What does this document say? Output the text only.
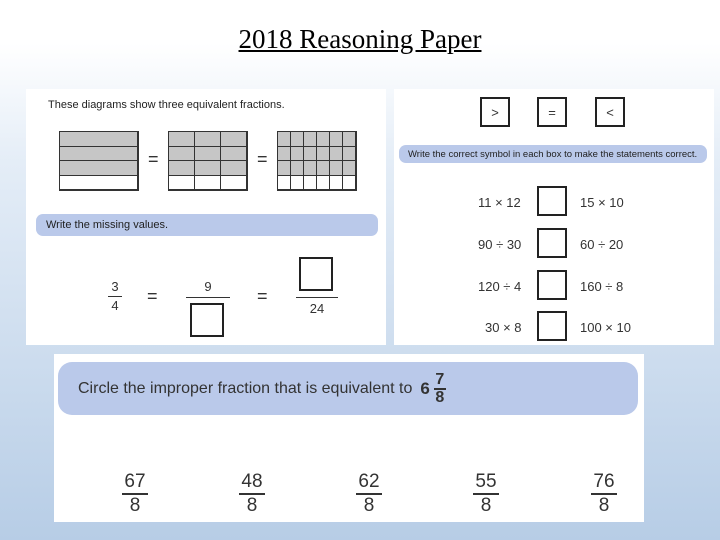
2018 Reasoning Paper
These diagrams show three equivalent fractions.
=	=
Write the missing values.
3
4	=	9	=
24
>	=	<
Write the correct symbol in each box to make the statements correct.
11 × 12	15 × 10
90 ÷ 30	60 ÷ 20
120 ÷ 4	160 ÷ 8
30 × 8	100 × 10
Circle the improper fraction that is equivalent to 6 7
8
67
8
48
8
62
8
55
8
76
8
